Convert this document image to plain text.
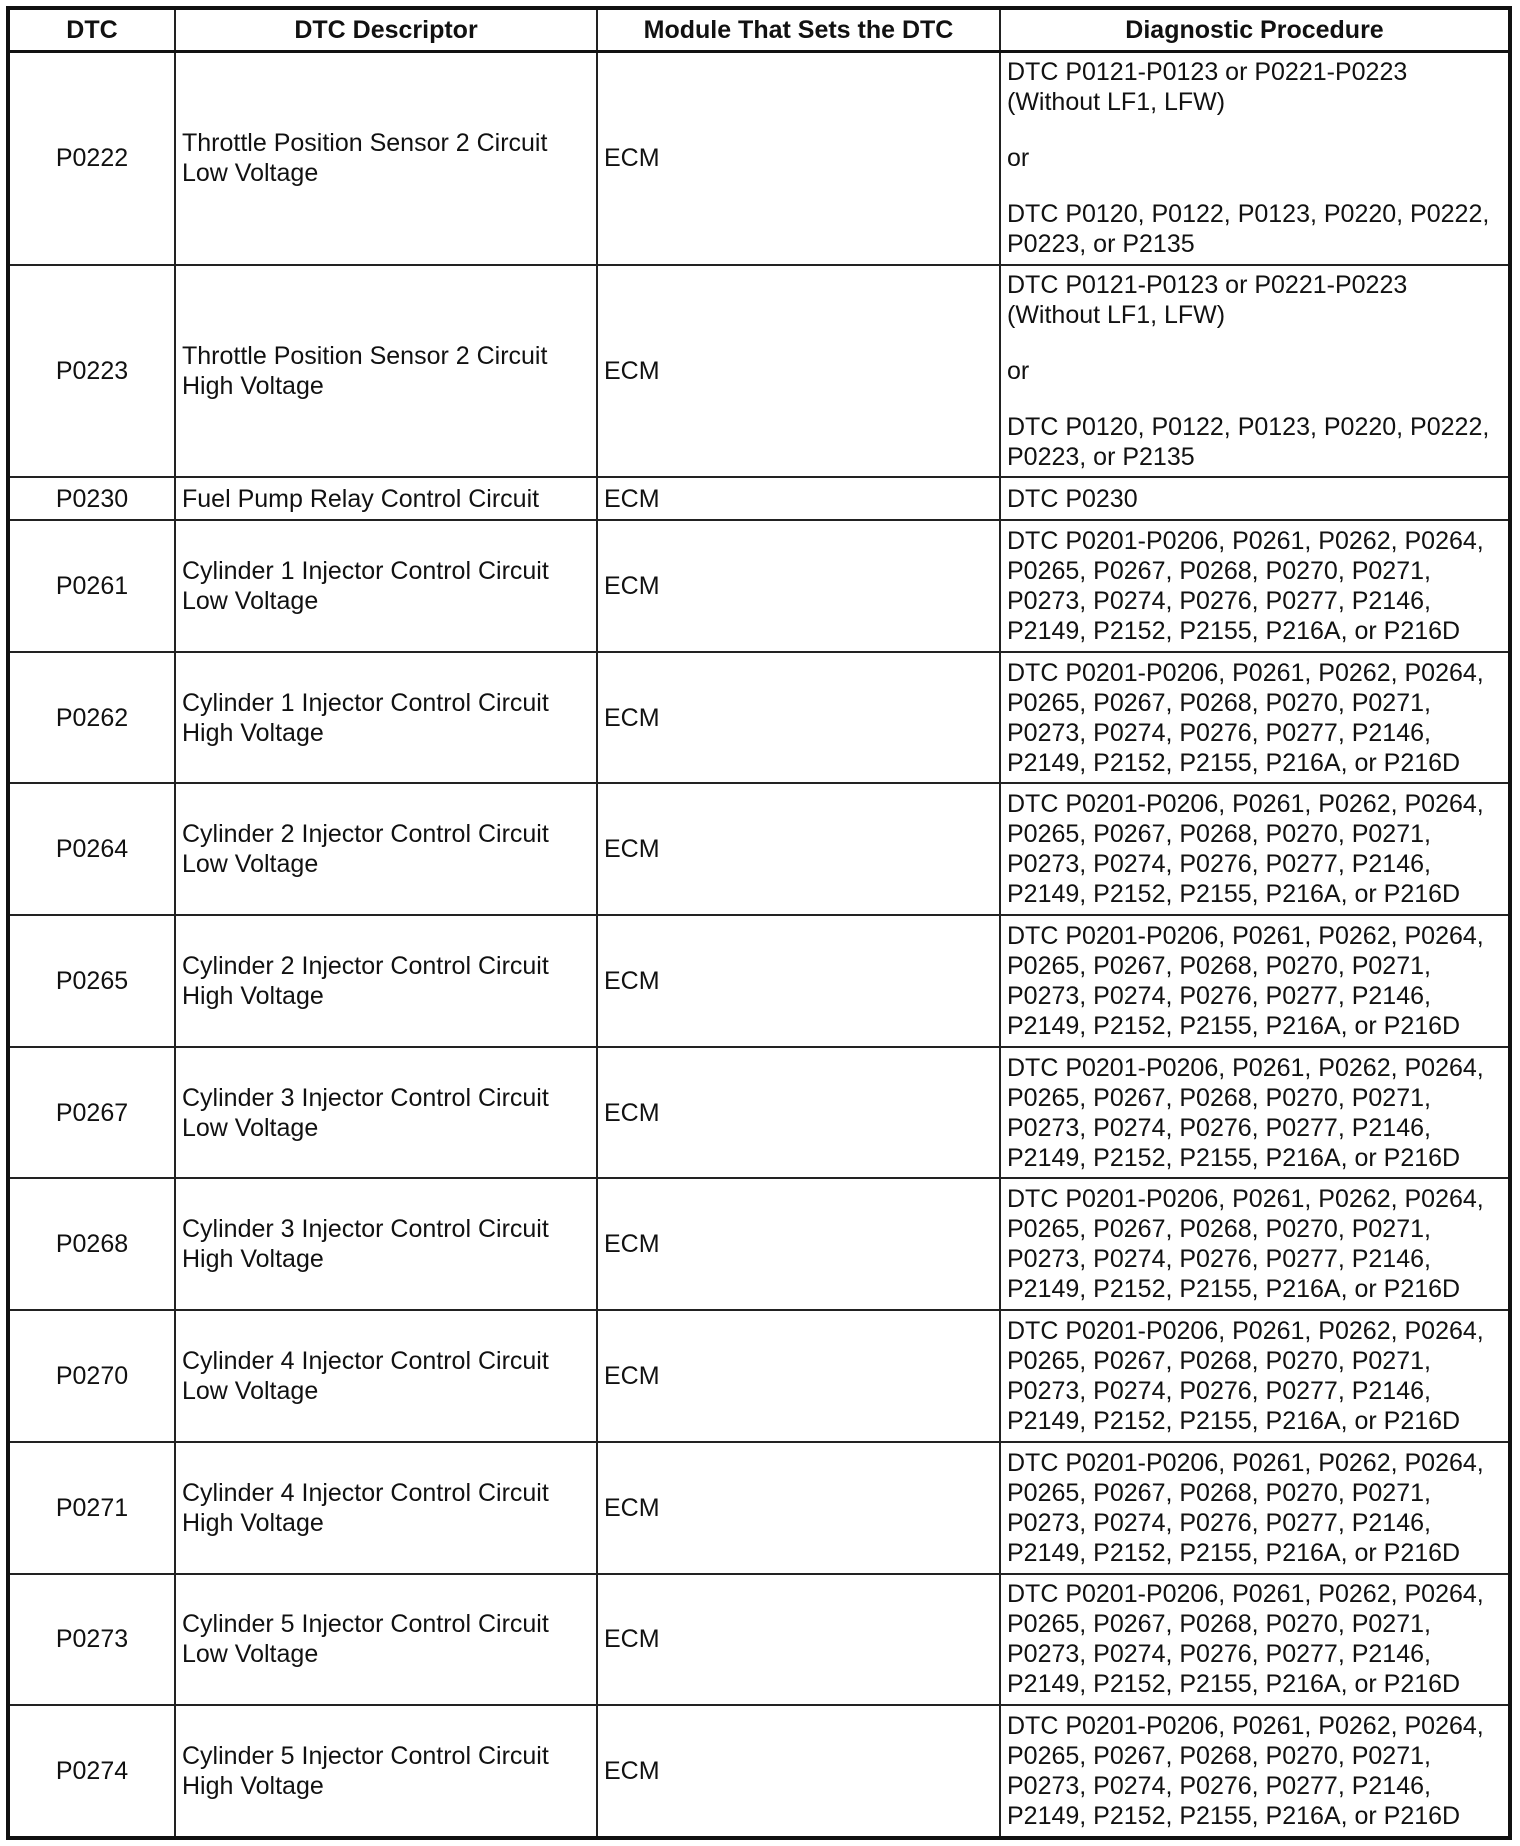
DTC	DTC Descriptor	Module That Sets the DTC	Diagnostic Procedure
P0222	Throttle Position Sensor 2 Circuit
Low Voltage	ECM	DTC P0121-P0123 or P0221-P0223
(Without LF1, LFW)
or
DTC P0120, P0122, P0123, P0220, P0222,
P0223, or P2135

P0223	Throttle Position Sensor 2 Circuit
High Voltage	ECM	DTC P0121-P0123 or P0221-P0223
(Without LF1, LFW)
or
DTC P0120, P0122, P0123, P0220, P0222,
P0223, or P2135

P0230	Fuel Pump Relay Control Circuit	ECM	DTC P0230

P0261	Cylinder 1 Injector Control Circuit
Low Voltage	ECM	DTC P0201-P0206, P0261, P0262, P0264,
P0265, P0267, P0268, P0270, P0271,
P0273, P0274, P0276, P0277, P2146,
P2149, P2152, P2155, P216A, or P216D

P0262	Cylinder 1 Injector Control Circuit
High Voltage	ECM	DTC P0201-P0206, P0261, P0262, P0264,
P0265, P0267, P0268, P0270, P0271,
P0273, P0274, P0276, P0277, P2146,
P2149, P2152, P2155, P216A, or P216D

P0264	Cylinder 2 Injector Control Circuit
Low Voltage	ECM	DTC P0201-P0206, P0261, P0262, P0264,
P0265, P0267, P0268, P0270, P0271,
P0273, P0274, P0276, P0277, P2146,
P2149, P2152, P2155, P216A, or P216D

P0265	Cylinder 2 Injector Control Circuit
High Voltage	ECM	DTC P0201-P0206, P0261, P0262, P0264,
P0265, P0267, P0268, P0270, P0271,
P0273, P0274, P0276, P0277, P2146,
P2149, P2152, P2155, P216A, or P216D

P0267	Cylinder 3 Injector Control Circuit
Low Voltage	ECM	DTC P0201-P0206, P0261, P0262, P0264,
P0265, P0267, P0268, P0270, P0271,
P0273, P0274, P0276, P0277, P2146,
P2149, P2152, P2155, P216A, or P216D

P0268	Cylinder 3 Injector Control Circuit
High Voltage	ECM	DTC P0201-P0206, P0261, P0262, P0264,
P0265, P0267, P0268, P0270, P0271,
P0273, P0274, P0276, P0277, P2146,
P2149, P2152, P2155, P216A, or P216D

P0270	Cylinder 4 Injector Control Circuit
Low Voltage	ECM	DTC P0201-P0206, P0261, P0262, P0264,
P0265, P0267, P0268, P0270, P0271,
P0273, P0274, P0276, P0277, P2146,
P2149, P2152, P2155, P216A, or P216D

P0271	Cylinder 4 Injector Control Circuit
High Voltage	ECM	DTC P0201-P0206, P0261, P0262, P0264,
P0265, P0267, P0268, P0270, P0271,
P0273, P0274, P0276, P0277, P2146,
P2149, P2152, P2155, P216A, or P216D

P0273	Cylinder 5 Injector Control Circuit
Low Voltage	ECM	DTC P0201-P0206, P0261, P0262, P0264,
P0265, P0267, P0268, P0270, P0271,
P0273, P0274, P0276, P0277, P2146,
P2149, P2152, P2155, P216A, or P216D

P0274	Cylinder 5 Injector Control Circuit
High Voltage	ECM	DTC P0201-P0206, P0261, P0262, P0264,
P0265, P0267, P0268, P0270, P0271,
P0273, P0274, P0276, P0277, P2146,
P2149, P2152, P2155, P216A, or P216D
